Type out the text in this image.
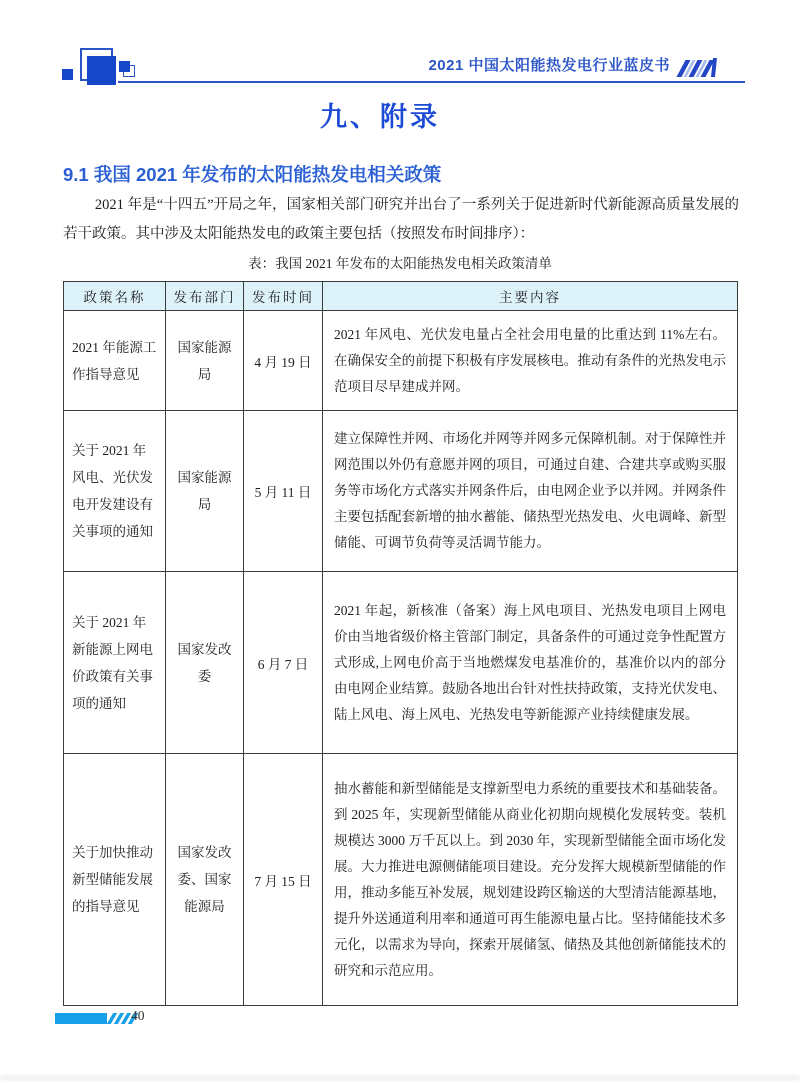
2021 中国太阳能热发电行业蓝皮书
九、附录
9.1 我国 2021 年发布的太阳能热发电相关政策
2021 年是“十四五”开局之年，国家相关部门研究并出台了一系列关于促进新时代新能源高质量发展的若干政策。其中涉及太阳能热发电的政策主要包括（按照发布时间排序）：
表：我国 2021 年发布的太阳能热发电相关政策清单
政策名称	发布部门	发布时间	主要内容
2021 年能源工作指导意见	国家能源局	4 月 19 日	2021 年风电、光伏发电量占全社会用电量的比重达到 11%左右。在确保安全的前提下积极有序发展核电。推动有条件的光热发电示范项目尽早建成并网。
关于 2021 年风电、光伏发电开发建设有关事项的通知	国家能源局	5 月 11 日	建立保障性并网、市场化并网等并网多元保障机制。对于保障性并网范围以外仍有意愿并网的项目，可通过自建、合建共享或购买服务等市场化方式落实并网条件后，由电网企业予以并网。并网条件主要包括配套新增的抽水蓄能、储热型光热发电、火电调峰、新型储能、可调节负荷等灵活调节能力。
关于 2021 年新能源上网电价政策有关事项的通知	国家发改委	6 月 7 日	2021 年起，新核准（备案）海上风电项目、光热发电项目上网电价由当地省级价格主管部门制定，具备条件的可通过竞争性配置方式形成,上网电价高于当地燃煤发电基准价的，基准价以内的部分由电网企业结算。鼓励各地出台针对性扶持政策，支持光伏发电、陆上风电、海上风电、光热发电等新能源产业持续健康发展。
关于加快推动新型储能发展的指导意见	国家发改委、国家能源局	7 月 15 日	抽水蓄能和新型储能是支撑新型电力系统的重要技术和基础装备。到 2025 年，实现新型储能从商业化初期向规模化发展转变。装机规模达 3000 万千瓦以上。到 2030 年，实现新型储能全面市场化发展。大力推进电源侧储能项目建设。充分发挥大规模新型储能的作用，推动多能互补发展，规划建设跨区输送的大型清洁能源基地，提升外送通道利用率和通道可再生能源电量占比。坚持储能技术多元化，以需求为导向，探索开展储氢、储热及其他创新储能技术的研究和示范应用。
40
